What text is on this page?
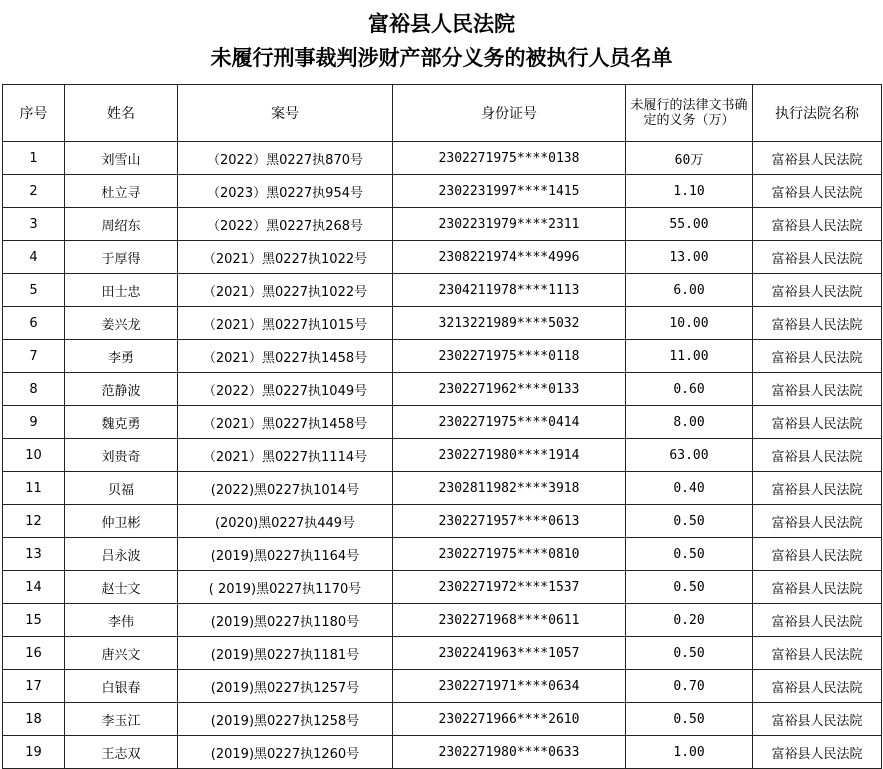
富裕县人民法院
未履行刑事裁判涉财产部分义务的被执行人员名单
序号	姓名	案号	身份证号	未履行的法律文书确定的义务（万）	执行法院名称
1	刘雪山	（2022）黑0227执870号	2302271975****0138	60万	富裕县人民法院
2	杜立寻	（2023）黑0227执954号	2302231997****1415	1.10	富裕县人民法院
3	周绍东	（2022）黑0227执268号	2302231979****2311	55.00	富裕县人民法院
4	于厚得	（2021）黑0227执1022号	2308221974****4996	13.00	富裕县人民法院
5	田士忠	（2021）黑0227执1022号	2304211978****1113	6.00	富裕县人民法院
6	姜兴龙	（2021）黑0227执1015号	3213221989****5032	10.00	富裕县人民法院
7	李勇	（2021）黑0227执1458号	2302271975****0118	11.00	富裕县人民法院
8	范静波	（2022）黑0227执1049号	2302271962****0133	0.60	富裕县人民法院
9	魏克勇	（2021）黑0227执1458号	2302271975****0414	8.00	富裕县人民法院
10	刘贵奇	（2021）黑0227执1114号	2302271980****1914	63.00	富裕县人民法院
11	贝福	(2022)黑0227执1014号	2302811982****3918	0.40	富裕县人民法院
12	仲卫彬	(2020)黑0227执449号	2302271957****0613	0.50	富裕县人民法院
13	吕永波	(2019)黑0227执1164号	2302271975****0810	0.50	富裕县人民法院
14	赵士文	( 2019)黑0227执1170号	2302271972****1537	0.50	富裕县人民法院
15	李伟	(2019)黑0227执1180号	2302271968****0611	0.20	富裕县人民法院
16	唐兴文	(2019)黑0227执1181号	2302241963****1057	0.50	富裕县人民法院
17	白银春	(2019)黑0227执1257号	2302271971****0634	0.70	富裕县人民法院
18	李玉江	(2019)黑0227执1258号	2302271966****2610	0.50	富裕县人民法院
19	王志双	(2019)黑0227执1260号	2302271980****0633	1.00	富裕县人民法院
